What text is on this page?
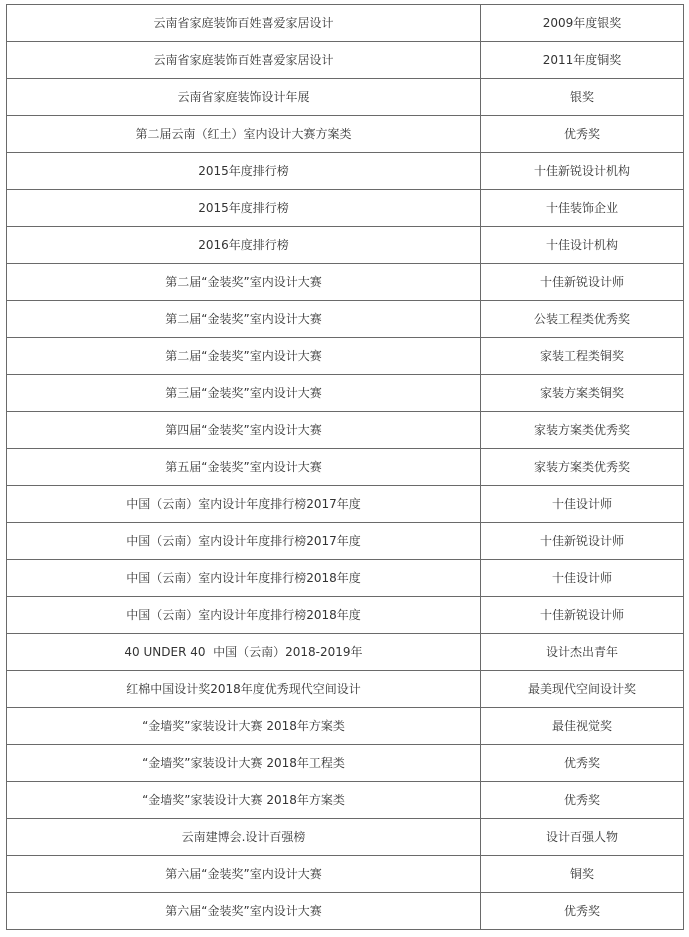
云南省家庭装饰百姓喜爱家居设计	2009年度银奖
云南省家庭装饰百姓喜爱家居设计	2011年度铜奖
云南省家庭装饰设计年展	银奖
第二届云南（红土）室内设计大赛方案类	优秀奖
2015年度排行榜	十佳新锐设计机构
2015年度排行榜	十佳装饰企业
2016年度排行榜	十佳设计机构
第二届“金装奖”室内设计大赛	十佳新锐设计师
第二届“金装奖”室内设计大赛	公装工程类优秀奖
第二届“金装奖”室内设计大赛	家装工程类铜奖
第三届“金装奖”室内设计大赛	家装方案类铜奖
第四届“金装奖”室内设计大赛	家装方案类优秀奖
第五届“金装奖”室内设计大赛	家装方案类优秀奖
中国（云南）室内设计年度排行榜2017年度	十佳设计师
中国（云南）室内设计年度排行榜2017年度	十佳新锐设计师
中国（云南）室内设计年度排行榜2018年度	十佳设计师
中国（云南）室内设计年度排行榜2018年度	十佳新锐设计师
40 UNDER 40  中国（云南）2018-2019年	设计杰出青年
红棉中国设计奖2018年度优秀现代空间设计	最美现代空间设计奖
“金墙奖”家装设计大赛 2018年方案类	最佳视觉奖
“金墙奖”家装设计大赛 2018年工程类	优秀奖
“金墙奖”家装设计大赛 2018年方案类	优秀奖
云南建博会.设计百强榜	设计百强人物
第六届“金装奖”室内设计大赛	铜奖
第六届“金装奖”室内设计大赛	优秀奖
